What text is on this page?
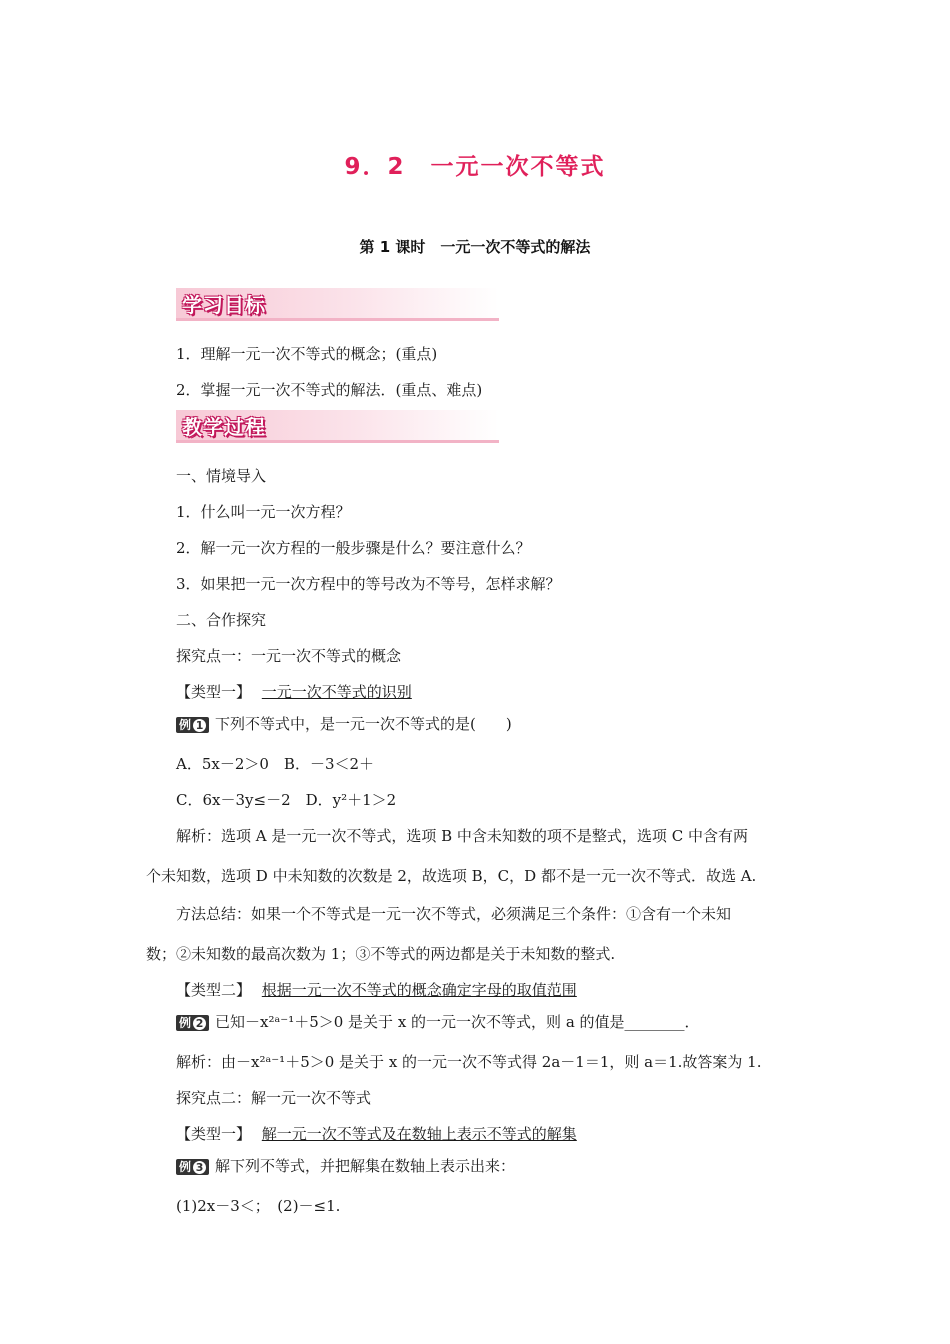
9．2　一元一次不等式
第 1 课时　一元一次不等式的解法
学习目标
1．理解一元一次不等式的概念；(重点)
2．掌握一元一次不等式的解法．(重点、难点)
教学过程
一、情境导入
1．什么叫一元一次方程？
2．解一元一次方程的一般步骤是什么？要注意什么？
3．如果把一元一次方程中的等号改为不等号，怎样求解？
二、合作探究
探究点一：一元一次不等式的概念
【类型一】 一元一次不等式的识别
例 1 下列不等式中，是一元一次不等式的是(　　)
A．5x－2＞0　B．－3＜2＋
C．6x－3y≤－2　D．y²＋1＞2
解析：选项 A 是一元一次不等式，选项 B 中含未知数的项不是整式，选项 C 中含有两
个未知数，选项 D 中未知数的次数是 2，故选项 B，C，D 都不是一元一次不等式．故选 A.
方法总结：如果一个不等式是一元一次不等式，必须满足三个条件：①含有一个未知
数；②未知数的最高次数为 1；③不等式的两边都是关于未知数的整式.
【类型二】 根据一元一次不等式的概念确定字母的取值范围
例 2 已知－x²ᵃ⁻¹＋5＞0 是关于 x 的一元一次不等式，则 a 的值是________．
解析：由－x²ᵃ⁻¹＋5＞0 是关于 x 的一元一次不等式得 2a－1＝1，则 a＝1.故答案为 1.
探究点二：解一元一次不等式
【类型一】 解一元一次不等式及在数轴上表示不等式的解集
例 3 解下列不等式，并把解集在数轴上表示出来：
(1)2x－3＜；　(2)－≤1.
